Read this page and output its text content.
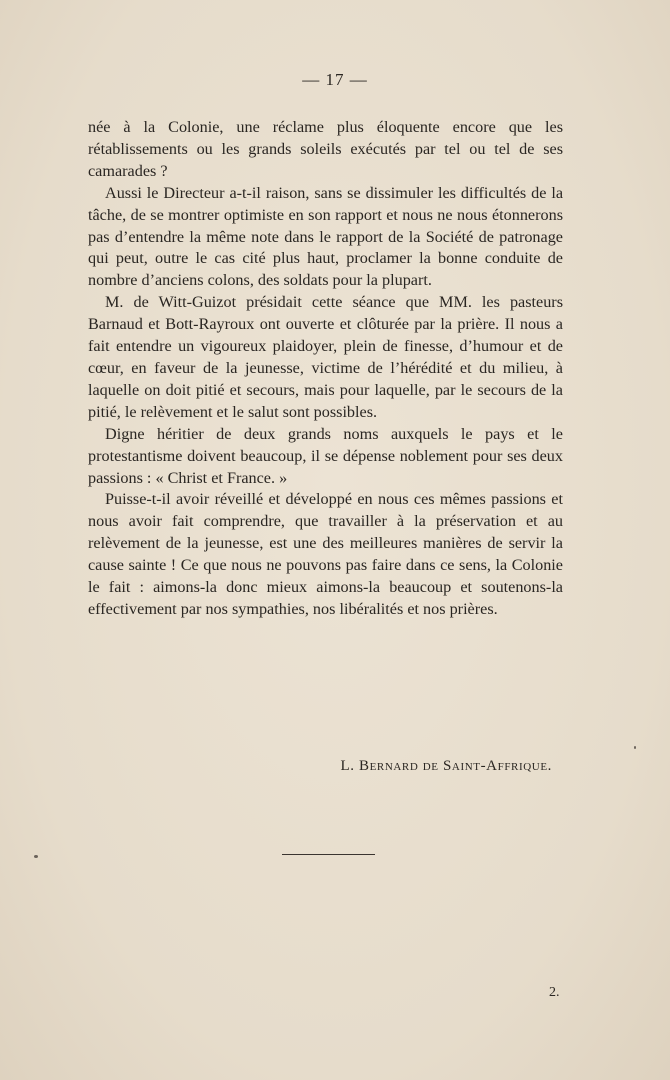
— 17 —

née à la Colonie, une réclame plus éloquente encore que les rétablissements ou les grands soleils exécutés par tel ou tel de ses camarades ?

Aussi le Directeur a-t-il raison, sans se dissimuler les difficultés de la tâche, de se montrer optimiste en son rapport et nous ne nous étonnerons pas d’entendre la même note dans le rapport de la Société de patronage qui peut, outre le cas cité plus haut, proclamer la bonne conduite de nombre d’anciens colons, des soldats pour la plupart.

M. de Witt-Guizot présidait cette séance que MM. les pasteurs Barnaud et Bott-Rayroux ont ouverte et clôturée par la prière. Il nous a fait entendre un vigoureux plaidoyer, plein de finesse, d’humour et de cœur, en faveur de la jeunesse, victime de l’hérédité et du milieu, à laquelle on doit pitié et secours, mais pour laquelle, par le secours de la pitié, le relèvement et le salut sont possibles.

Digne héritier de deux grands noms auxquels le pays et le protestantisme doivent beaucoup, il se dépense noblement pour ses deux passions : « Christ et France. »

Puisse-t-il avoir réveillé et développé en nous ces mêmes passions et nous avoir fait comprendre, que travailler à la préservation et au relèvement de la jeunesse, est une des meilleures manières de servir la cause sainte ! Ce que nous ne pouvons pas faire dans ce sens, la Colonie le fait : aimons-la donc mieux aimons-la beaucoup et soutenons-la effectivement par nos sympathies, nos libéralités et nos prières.

L. Bernard de Saint-Affrique.
2.
